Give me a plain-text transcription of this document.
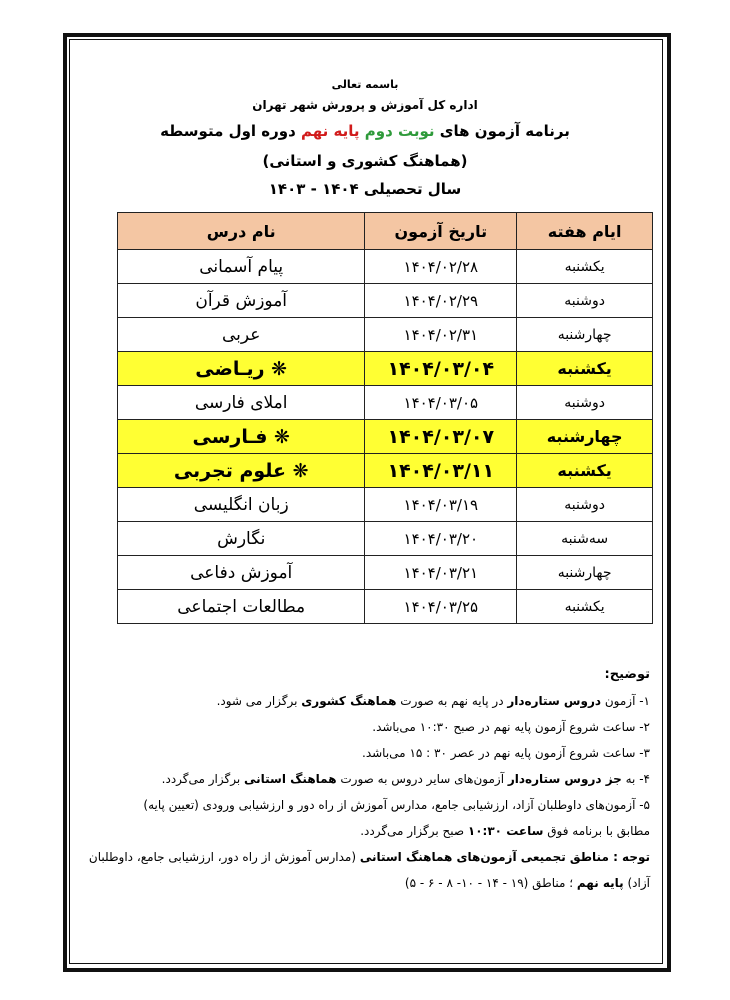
باسمه تعالی
اداره کل آموزش و پرورش شهر تهران
برنامه آزمون های نوبت دوم پایه نهم دوره اول متوسطه
(هماهنگ کشوری و استانی)
سال تحصیلی ۱۴۰۴ - ۱۴۰۳
ایام هفته	تاریخ آزمون	نام درس
یکشنبه	۱۴۰۴/۰۲/۲۸	پیام آسمانی
دوشنبه	۱۴۰۴/۰۲/۲۹	آموزش قرآن
چهارشنبه	۱۴۰۴/۰۲/۳۱	عربی
یکشنبه	۱۴۰۴/۰۳/۰۴	❋ ریـاضی
دوشنبه	۱۴۰۴/۰۳/۰۵	املای فارسی
چهارشنبه	۱۴۰۴/۰۳/۰۷	❋ فـارسی
یکشنبه	۱۴۰۴/۰۳/۱۱	❋ علوم تجربی
دوشنبه	۱۴۰۴/۰۳/۱۹	زبان انگلیسی
سه‌شنبه	۱۴۰۴/۰۳/۲۰	نگارش
چهارشنبه	۱۴۰۴/۰۳/۲۱	آموزش دفاعی
یکشنبه	۱۴۰۴/۰۳/۲۵	مطالعات اجتماعی
توضیح:
۱- آزمون دروس ستاره‌دار در پایه نهم به صورت هماهنگ کشوری برگزار می شود.
۲- ساعت شروع آزمون پایه نهم در صبح ۱۰:۳۰ می‌باشد.
۳- ساعت شروع آزمون پایه نهم در عصر ۳۰ : ۱۵ می‌باشد.
۴- به جز دروس ستاره‌دار آزمون‌های سایر دروس به صورت هماهنگ استانی برگزار می‌گردد.
۵- آزمون‌های داوطلبان آزاد، ارزشیابی جامع، مدارس آموزش از راه دور و ارزشیابی ورودی (تعیین پایه)
مطابق با برنامه فوق ساعت ۱۰:۳۰ صبح برگزار می‌گردد.
توجه : مناطق تجمیعی آزمون‌های هماهنگ استانی (مدارس آموزش از راه دور، ارزشیابی جامع، داوطلبان
آزاد) پایه نهم ؛ مناطق (۱۹ - ۱۴ - ۱۰- ۸ - ۶ - ۵)
